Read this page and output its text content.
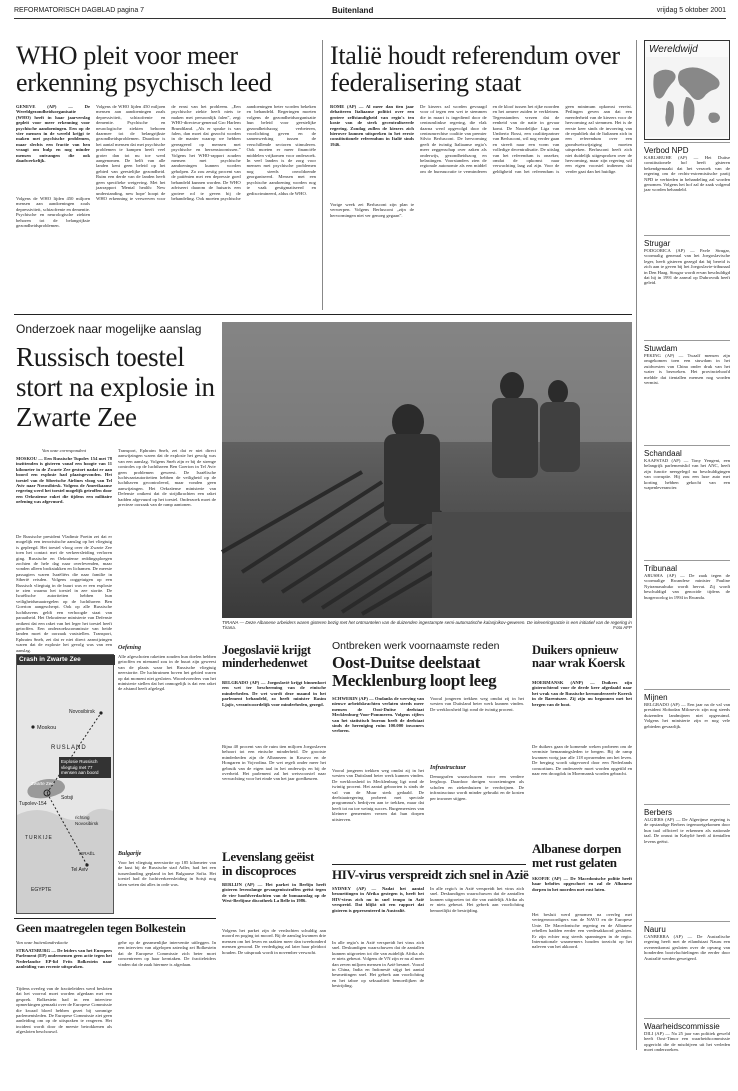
REFORMATORISCH DAGBLAD pagina 7	Buitenland	vrijdag 5 oktober 2001
WHO pleit voor meer erkenning psychisch leed
GENEVE (AP) — De Wereldgezondheidsorganisatie (WHO) heeft in haar jaarverslag gepleit voor meer erkenning voor psychische aandoeningen. Een op de vier mensen in de wereld krijgt te maken met psychische problemen, maar slechts een fractie van hen vraagt om hulp en nog minder mensen ontvangen die ook daadwerkelijk.
Volgens de WHO lijden 450 miljoen mensen aan aandoeningen zoals depressiviteit, schizofrenie en dementie. Psychische en neurologische ziekten behoren daarmee tot de belangrijkste gezondheidsproblemen. Daardoor is het aantal mensen dat met psychische problemen te kampen heeft veel groter dan tot nu toe werd aangenomen. De helft van alle landen kent geen beleid op het gebied van geestelijke gezondheid. Ruim een derde van de landen heeft geen specifieke wetgeving. Met het jaarrapport 'Mental health: New understanding, new hope' hoopt de WHO erkenning te verwerven voor de ernst van het probleem. „Een psychische ziekte heeft niets te maken met persoonlijk falen”, zegt WHO-directeur-generaal Gro Harlem Brundtland. „Als er sprake is van falen, dan moet dat gezocht worden in de manier waarop we hebben gereageerd op mensen met psychische en hersenstoornissen.” Volgens het WHO-rapport zouden mensen met psychische aandoeningen kunnen worden geholpen. Zo zou zestig procent van de patiënten met een depressie goed behandeld kunnen worden. De WHO adviseert daarom de huisarts een grotere rol te geven bij de behandeling. Ook moeten psychische aandoeningen beter worden bekeken en behandeld. Regeringen moeten volgens de gezondheidsorganisatie hun beleid voor geestelijke gezondheidszorg verbeteren, voorlichting geven en de samenwerking tussen de verschillende sectoren stimuleren. Ook moeten er meer financiële middelen vrijkomen voor onderzoek. In veel landen is de zorg voor mensen met psychische problemen nog steeds onvoldoende georganiseerd. Mensen met een psychische aandoening worden nog te vaak gestigmatiseerd en gediscrimineerd, aldus de WHO.
Volgens de WHO lijden 450 miljoen mensen aan aandoeningen zoals depressiviteit, schizofrenie en dementie. Psychische en neurologische ziekten behoren tot de belangrijkste gezondheidsproblemen.
Italië houdt referendum over federalisering staat
ROME (AP) — Al meer dan tien jaar debatteren Italiaanse politici over een grotere zelfstandigheid van regio's ten koste van de sterk gecentraliseerde regering. Zondag zullen de kiezers zich hierover kunnen uitspreken in het eerste constitutionele referendum in Italië sinds 1946.
De kiezers zal worden gevraagd voor of tegen een wet te stemmen die in maart is ingediend door de centrumlinkse regering, die vlak daarna werd opgevolgd door de centrumrechtse coalitie van premier Silvio Berlusconi. De hervorming geeft de twintig Italiaanse regio's meer zeggenschap over zaken als onderwijs, gezondheidszorg en belastingen. Voorstanders zien de regionale autonomie als een middel om de bureaucratie te verminderen en de kloof tussen het rijke noorden en het armere zuiden te verkleinen. Tegenstanders vrezen dat de eenheid van de natie in gevaar komt. De Noordelijke Liga van Umberto Bossi, een coalitiepartner van Berlusconi, wil nog verder gaan en streeft naar een vorm van volledige decentralisatie. De uitslag van het referendum is onzeker, omdat de opkomst naar verwachting laag zal zijn. Voor de geldigheid van het referendum is geen minimum opkomst vereist. Peilingen geven aan dat een meerderheid van de kiezers voor de hervorming zal stemmen. Het is de eerste keer sinds de invoering van de republiek dat de Italianen zich in een referendum over een grondwetswijziging moeten uitspreken. Berlusconi heeft zich niet duidelijk uitgesproken over de hervorming, maar zijn regering wil een eigen voorstel indienen dat verder gaat dan het huidige.
Vorige week zei Berlusconi zijn plan te verwerpen. Volgens Berlusconi „zijn de hervormingen niet ver genoeg gegaan”.
Wereldwijd
Verbod NPD
KARLSRUHE (AP) — Het Duitse constitutionele hof heeft gisteren bekendgemaakt dat het verzoek van de regering om de rechts-extremistische partij NPD te verbieden in behandeling zal worden genomen. Volgens het hof zal de zaak volgend jaar worden behandeld.
Strugar
PODGORICA (AP) — Pavle Strugar, voormalig generaal van het Joegoslavische leger, heeft gisteren gezegd dat hij bereid is zich aan te geven bij het Joegoslavie-tribunaal in Den Haag. Strugar wordt ervan beschuldigd dat hij in 1991 de aanval op Dubrovnik heeft geleid.
Stuwdam
PEKING (AP) — Twaalf mensen zijn omgekomen toen een stuwdam in het zuidwesten van China onder druk van het water is bezweken. Het provinciehoofd meldde dat tientallen mensen nog worden vermist.
Schandaal
KAAPSTAD (AP) — Tony Yengeni, een belangrijk parlementslid van het ANC, heeft zijn functie neergelegd na beschuldigingen van corruptie. Hij zou een luxe auto met korting hebben gekocht van een wapenleverancier.
Tribunaal
ARUSHA (AP) — De zaak tegen de voormalige Rwandese minister Pauline Nyiramasuhuko wordt hervat. Zij wordt beschuldigd van genocide tijdens de burgeroorlog in 1994 in Rwanda.
Mijnen
BELGRADO (AP) — Een jaar na de val van president Slobodan Milosevic zijn nog steeds duizenden landmijnen niet opgeruimd. Volgens het ministerie zijn er nog vele gebieden gevaarlijk.
Berbers
ALGIERS (AP) — De Algerijnse regering is de opstandige Berbers tegemoetgekomen door hun taal officieel te erkennen als nationale taal. De onrust in Kabylië heeft al tientallen levens geëist.
Nauru
CANBERRA (AP) — De Australische regering heeft met de eilandstaat Nauru een overeenkomst gesloten over de opvang van honderden bootvluchtelingen die eerder door Australië werden geweigerd.
Waarheidscommissie
DILI (AP) — Na 25 jaar van politiek geweld heeft Oost-Timor een waarheidscommissie opgericht die de misdrijven uit het verleden moet onderzoeken.
Onderzoek naar mogelijke aanslag
Russisch toestel stort na explosie in Zwarte Zee
Van onze correspondent
MOSKOU — Een Russische Tupolev 154 met 78 inzittenden is gisteren vanaf een hoogte van 11 kilometer in de Zwarte Zee gestort nadat er aan boord een explosie had plaatsgevonden. Het toestel van de Siberische Airlines vloog van Tel Aviv naar Novosibirsk. Volgens de Amerikaanse regering werd het toestel mogelijk getroffen door een Oekraïense raket die tijdens een militaire oefening was afgevuurd.
De Russische president Vladimir Poetin zei dat er mogelijk een terroristische aanslag op het vliegtuig is gepleegd. Het toestel vloog over de Zwarte Zee toen het contact met de verkeersleiding verloren ging. Russische en Oekraïense reddingsploegen zochten de hele dag naar overlevenden, maar vonden alleen brokstukken en lichamen. De meeste passagiers waren Israëliërs die naar familie in Siberië reisden. Volgens ooggetuigen op een Russisch vliegtuig in de buurt was er een explosie te zien waarna het toestel in zee stortte. De Israëlische autoriteiten hebben hun veiligheidsmaatregelen op de luchthaven Ben Goerion aangescherpt. Ook op alle Russische luchthavens geldt een verhoogde staat van paraatheid. Het Oekraïense ministerie van Defensie ontkent dat een raket van het leger het toestel heeft getroffen. Een onderzoekscommissie van beide landen moet de oorzaak vaststellen. Transport, Ephraim Sneh, zei dat er niet direct aanwijzingen waren dat de explosie het gevolg was van een aanslag.
Transport, Ephraim Sneh, zei dat er niet direct aanwijzingen waren dat de explosie het gevolg was van een aanslag. Volgens Sneh zijn er bij de strenge controles op de luchthaven Ben Goerion in Tel Aviv geen problemen geweest. De Israëlische luchtvaartautoriteiten hebben de veiligheid op de luchthaven gecontroleerd, maar vonden geen aanwijzingen. Het Oekraïense ministerie van Defensie ontkent dat de strijdkrachten een raket hadden afgevuurd op het toestel. Onderzoek moet de precieze oorzaak van de ramp aantonen.
Oefening
Alle afgeschoten raketten zouden hun doelen hebben getroffen en niemand zou in de buurt zijn geweest van de plaats waar het Russische vliegtuig neerstortte. De luchtruimen boven het gebied waren op dat moment niet gesloten. Woordvoerders van het ministerie stellen dat het onmogelijk is dat een raket de afstand heeft afgelegd.
Bulgarije
Voor het vliegtuig neerstortte op 185 kilometer van de kust bij de Russische stad Adler, had het een tussenlanding gepland in het Bulgaarse Sofia. Het toestel had de luchtverkeersleiding in Sotsji nog laten weten dat alles in orde was.
Crash in Zwarte Zee
Moskou
RUSLAND
Novosibirsk
Tupolev-154
Sotsji
Zwarte Zee
TURKIJE
Tel Aviv
EGYPTE
ISRAËL
Explosie Russisch vliegtuig met 77 mensen aan boord
richting Novosibirsk
TIRANA — Deze Albanese arbeiders waren gisteren bezig met het ontmantelen van de duizenden ingestampte semi-automatische kalasjnikov-geweren. De inleveringsactie is een initiatief van de regering in Tirana.	Foto AFP
Joegoslavië krijgt minderhedenwet
BELGRADO (AP) — Joegoslavië krijgt binnenkort een wet ter bescherming van de etnische minderheden. De wet wordt deze maand in het parlement behandeld, zo heeft minister Rasim Ljajic, verantwoordelijk voor minderheden, gezegd.
Bijna 40 procent van de ruim tien miljoen Joegoslaven behoort tot een etnische minderheid. De grootste minderheden zijn de Albanezen in Kosovo en de Hongaren in Vojvodina. De wet regelt onder meer het gebruik van de eigen taal in het onderwijs en bij de overheid. Het parlement zal het wetsvoorstel naar verwachting voor het einde van het jaar goedkeuren.
Levenslang geëist in discoproces
BERLIJN (AP) — Het parket in Berlijn heeft gisteren levenslange gevangenisstraffen geëist tegen de vier hoofdverdachten van de bomaanslag op de West-Berlijnse discotheek La Belle in 1986.
Volgens het parket zijn de verdachten schuldig aan moord en poging tot moord. Bij de aanslag kwamen drie mensen om het leven en raakten meer dan tweehonderd mensen gewond. De verdediging zal later haar pleidooi houden. De uitspraak wordt in november verwacht.
Ontbreken werk voornaamste reden
Oost-Duitse deelstaat Mecklenburg loopt leeg
SCHWERIN (AP) — Ondanks de werving van nieuwe arbeidskrachten verlaten steeds meer mensen de Oost-Duitse deelstaat Mecklenburg-Voor-Pommeren. Volgens cijfers van het statistisch bureau heeft de deelstaat sinds de hereniging ruim 100.000 inwoners verloren.
Vooral jongeren trekken weg omdat zij in het westen van Duitsland beter werk kunnen vinden. De werkloosheid in Mecklenburg ligt rond de twintig procent. Het aantal geboorten is sinds de val van de Muur sterk gedaald. De deelstaatregering probeert met speciale programma's bedrijven aan te trekken, maar dat heeft tot nu toe weinig succes. Burgemeesters van kleinere gemeenten vrezen dat hun dorpen uitsterven.
Infrastructuur
Demografen waarschuwen voor een verdere leegloop. Daardoor dreigen voorzieningen als scholen en ziekenhuizen te verdwijnen. De infrastructuur wordt minder gebruikt en de kosten per inwoner stijgen.
Vooral jongeren trekken weg omdat zij in het westen van Duitsland beter werk kunnen vinden. De werkloosheid ligt rond de twintig procent.
HIV-virus verspreidt zich snel in Azië
SYDNEY (AP) — Nadat het aantal besmettingen in Afrika gestegen is, heeft het HIV-virus zich nu in snel tempo in Azië verspreid. Dat blijkt uit een rapport dat gisteren is gepresenteerd in Australië.
In alle regio's in Azië verspreidt het virus zich snel. Deskundigen waarschuwen dat de aantallen kunnen uitgroeien tot die van zuidelijk Afrika als er niets gebeurt. Volgens de VN zijn er nu al meer dan zeven miljoen mensen in Azië besmet. Vooral in China, India en Indonesië stijgt het aantal besmettingen snel. Het gebrek aan voorlichting en het taboe op seksualiteit bemoeilijken de bestrijding.
In alle regio's in Azië verspreidt het virus zich snel. Deskundigen waarschuwen dat de aantallen kunnen uitgroeien tot die van zuidelijk Afrika als er niets gebeurt. Het gebrek aan voorlichting bemoeilijkt de bestrijding.
Duikers opnieuw naar wrak Koersk
MOERMANSK (ANP) — Duikers zijn gisterochtend voor de derde keer afgedaald naar het wrak van de Russische kernonderzeeër Koersk in de Barentszee. Zij zijn nu begonnen met het bergen van de boot.
De duikers gaan de komende weken proberen om de vermiste bemanningsleden te bergen. Bij de ramp kwamen vorig jaar alle 118 opvarenden om het leven. De berging wordt uitgevoerd door een Nederlands consortium. De onderzeeër moet worden opgetild en naar een droogdok in Moermansk worden gebracht.
Albanese dorpen met rust gelaten
SKOPJE (AP) — De Macedonische politie heeft haar beloftes opgeschort en zal de Albanese dorpen in het noorden met rust laten.
Het besluit werd genomen na overleg met vertegenwoordigers van de NAVO en de Europese Unie. De Macedonische regering en de Albanese rebellen hadden eerder een vredesakkoord gesloten. Er zijn echter nog steeds spanningen in de regio. Internationale waarnemers houden toezicht op het naleven van het akkoord.
Geen maatregelen tegen Bolkestein
Van onze buitenlandredactie
STRAATSBURG — De leiders van het Europees Parlement (EP) ondernemen geen actie tegen het Nederlandse EP-lid Frits Bolkestein naar aanleiding van recente uitspraken.
Tijdens overleg van de fractieleiders werd besloten dat het voorval moet worden afgedaan met een gesprek. Bolkestein had in een interview opmerkingen gemaakt over de Europese Commissie die kwaad bloed hebben gezet bij sommige parlementsleden. De Europese Commissie ziet geen aanleiding om op de uitspraken te reageren. Het incident wordt door de meeste betrokkenen als afgesloten beschouwd.
gehe op de gezamenlijke interventie uitleggen. In een interview van afgelopen zaterdag zei Bolkestein dat de Europese Commissie zich beter moet concentreren op haar kerntaken. De fractieleiders vinden dat de zaak hiermee is afgedaan.
